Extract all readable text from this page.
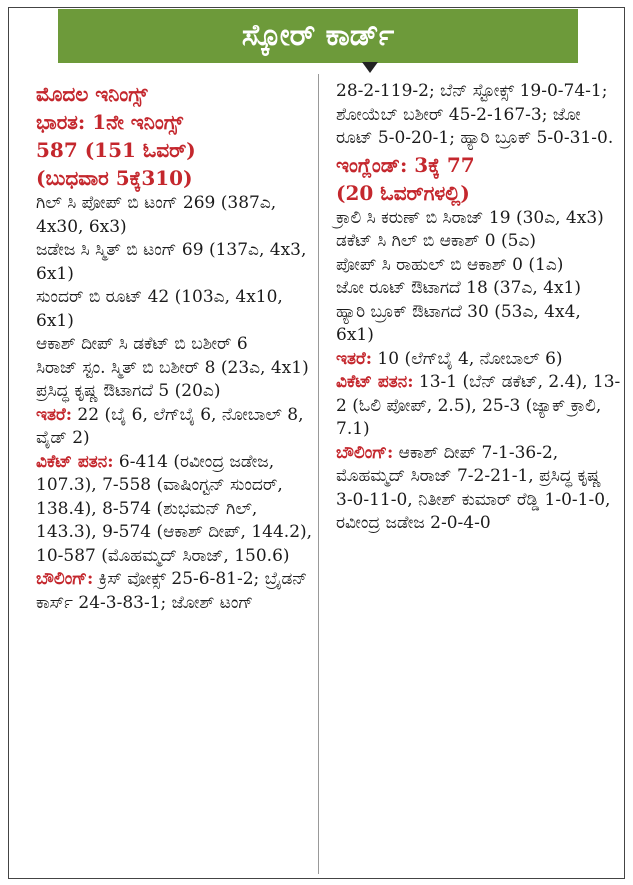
ಸ್ಕೋರ್ ಕಾರ್ಡ್
ಮೊದಲ ಇನಿಂಗ್ಸ್
ಭಾರತ: 1ನೇ ಇನಿಂಗ್ಸ್
587 (151 ಓವರ್)
(ಬುಧವಾರ 5ಕ್ಕೆ310)

ಗಿಲ್ ಸಿ ಪೋಪ್ ಬಿ ಟಂಗ್ 269 (387ಎ, 4x30, 6x3)

ಜಡೇಜ ಸಿ ಸ್ಮಿತ್ ಬಿ ಟಂಗ್ 69 (137ಎ, 4x3, 6x1)

ಸುಂದರ್ ಬಿ ರೂಟ್ 42 (103ಎ, 4x10, 6x1)

ಆಕಾಶ್ ದೀಪ್ ಸಿ ಡಕೆಟ್ ಬಿ ಬಶೀರ್ 6

ಸಿರಾಜ್ ಸ್ಟಂ. ಸ್ಮಿತ್ ಬಿ ಬಶೀರ್ 8 (23ಎ, 4x1)

ಪ್ರಸಿದ್ಧ ಕೃಷ್ಣ ಔಟಾಗದೆ 5 (20ಎ)

ಇತರೆ: 22 (ಬೈ 6, ಲೆಗ್‌ಬೈ 6, ನೋಬಾಲ್ 8, ವೈಡ್ 2)

ವಿಕೆಟ್ ಪತನ: 6-414 (ರವೀಂದ್ರ ಜಡೇಜ, 107.3), 7-558 (ವಾಷಿಂಗ್ಟನ್ ಸುಂದರ್, 138.4), 8-574 (ಶುಭಮನ್ ಗಿಲ್, 143.3), 9-574 (ಆಕಾಶ್ ದೀಪ್, 144.2), 10-587 (ಮೊಹಮ್ಮದ್ ಸಿರಾಜ್, 150.6)

ಬೌಲಿಂಗ್: ಕ್ರಿಸ್ ವೋಕ್ಸ್ 25-6-81-2; ಬ್ರೈಡನ್ ಕಾರ್ಸ್ 24-3-83-1; ಜೋಶ್ ಟಂಗ್

28-2-119-2; ಬೆನ್ ಸ್ಟೋಕ್ಸ್ 19-0-74-1; ಶೋಯೆಬ್ ಬಶೀರ್ 45-2-167-3; ಜೋ ರೂಟ್ 5-0-20-1; ಹ್ಯಾರಿ ಬ್ರೂಕ್ 5-0-31-0.

ಇಂಗ್ಲೆಂಡ್: 3ಕ್ಕೆ 77
(20 ಓವರ್‌ಗಳಲ್ಲಿ)

ಕ್ರಾಲಿ ಸಿ ಕರುಣ್ ಬಿ ಸಿರಾಜ್ 19 (30ಎ, 4x3)

ಡಕೆಟ್ ಸಿ ಗಿಲ್ ಬಿ ಆಕಾಶ್ 0 (5ಎ)

ಪೋಪ್ ಸಿ ರಾಹುಲ್ ಬಿ ಆಕಾಶ್ 0 (1ಎ)

ಜೋ ರೂಟ್ ಔಟಾಗದೆ 18 (37ಎ, 4x1)

ಹ್ಯಾರಿ ಬ್ರೂಕ್ ಔಟಾಗದೆ 30 (53ಎ, 4x4, 6x1)

ಇತರೆ: 10 (ಲೆಗ್‌ಬೈ 4, ನೋಬಾಲ್ 6)

ವಿಕೆಟ್ ಪತನ: 13-1 (ಬೆನ್ ಡಕೆಟ್, 2.4), 13-2 (ಓಲಿ ಪೋಪ್, 2.5), 25-3 (ಜ್ಯಾಕ್ ಕ್ರಾಲಿ, 7.1)

ಬೌಲಿಂಗ್: ಆಕಾಶ್ ದೀಪ್ 7-1-36-2, ಮೊಹಮ್ಮದ್ ಸಿರಾಜ್ 7-2-21-1, ಪ್ರಸಿದ್ಧ ಕೃಷ್ಣ 3-0-11-0, ನಿತೀಶ್ ಕುಮಾರ್ ರೆಡ್ಡಿ 1-0-1-0, ರವೀಂದ್ರ ಜಡೇಜ 2-0-4-0
